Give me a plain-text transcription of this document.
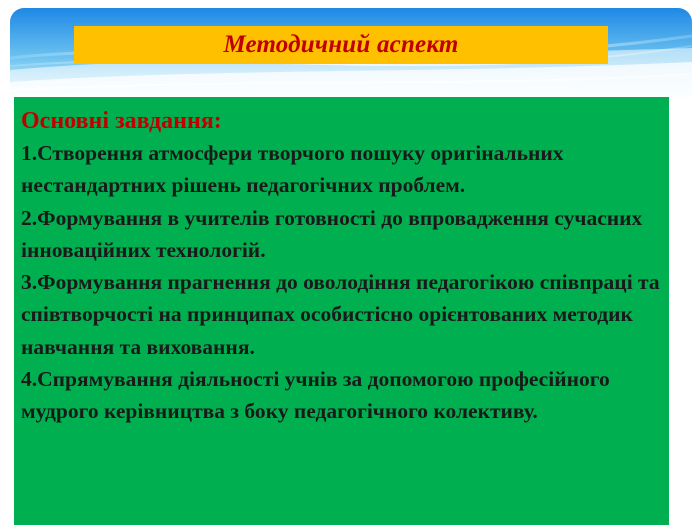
Методичний аспект

Основні завдання:

1.Створення атмосфери творчого пошуку оригінальних нестандартних рішень педагогічних проблем.
2.Формування в учителів готовності до впровадження сучасних інноваційних технологій.
3.Формування прагнення до оволодіння педагогікою співпраці та співтворчості на принципах особистісно орієнтованих методик навчання та виховання.
4.Спрямування діяльності учнів за допомогою професійного мудрого керівництва з боку педагогічного колективу.
